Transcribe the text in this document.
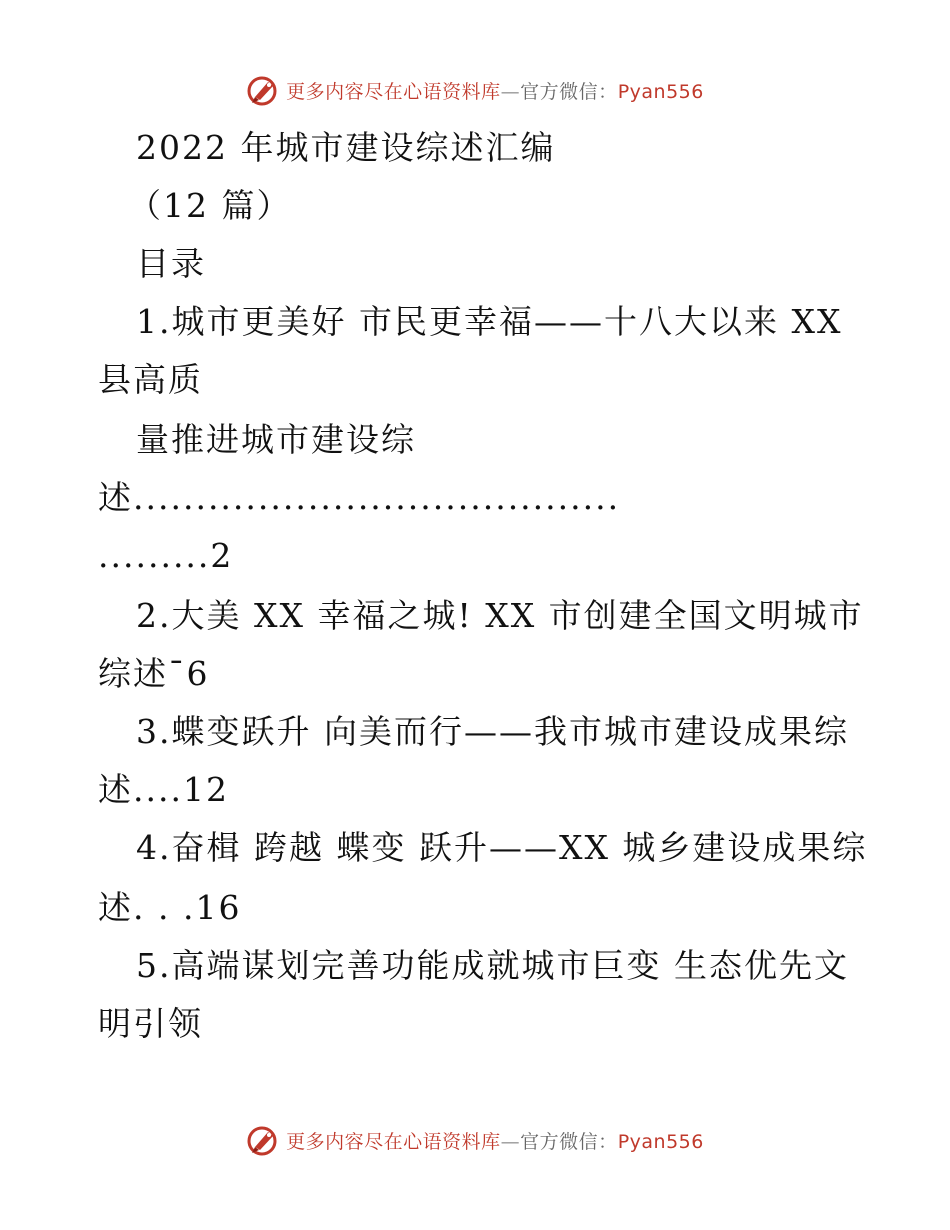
更多内容尽在心语资料库—官方微信：Pyan556
2022 年城市建设综述汇编
（12 篇）
目录
1.城市更美好 市民更幸福——十八大以来 XX
县高质
量推进城市建设综
述.......................................
.........2
2.大美 XX 幸福之城! XX 市创建全国文明城市
综述¯6
3.蝶变跃升 向美而行——我市城市建设成果综
述....12
4.奋楫 跨越 蝶变 跃升——XX 城乡建设成果综
述. . .16
5.高端谋划完善功能成就城市巨变 生态优先文
明引领
更多内容尽在心语资料库—官方微信：Pyan556
